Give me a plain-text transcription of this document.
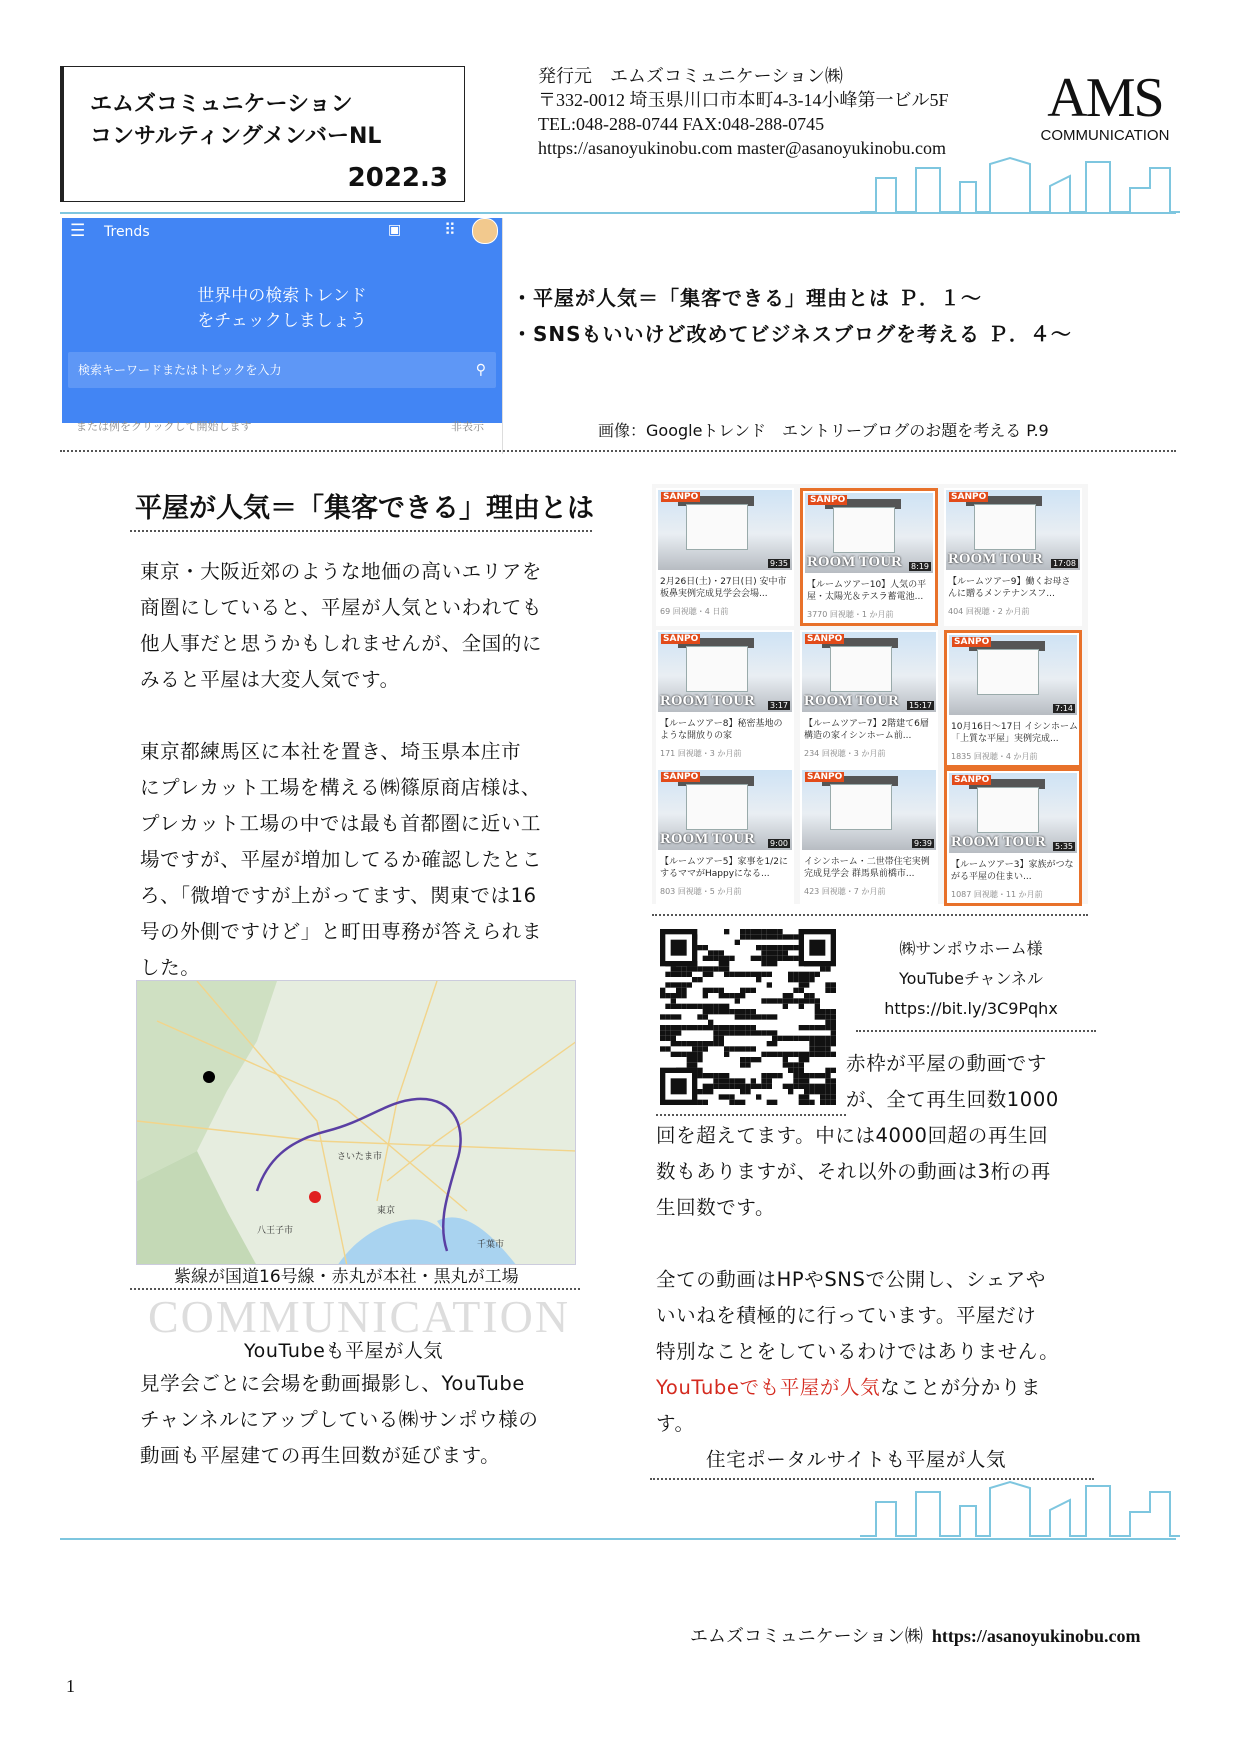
エムズコミュニケーション
コンサルティングメンバーNL
2022.3
発行元　エムズコミュニケーション㈱
〒332-0012 埼玉県川口市本町4-3-14小峰第一ビル5F
TEL:048-288-0744 FAX:048-288-0745
https://asanoyukinobu.com master@asanoyukinobu.com
AMS
COMMUNICATION
☰ Trends	▣	⠿
世界中の検索トレンド
をチェックしましょう
検索キーワードまたはトピックを入力	⚲
または例をクリックして開始します	非表示
・平屋が人気＝「集客できる」理由とは Ｐ．１～
・SNSもいいけど改めてビジネスブログを考える Ｐ．４～
画像：Googleトレンド　エントリーブログのお題を考える P.9
平屋が人気＝「集客できる」理由とは
東京・大阪近郊のような地価の高いエリアを
商圏にしていると、平屋が人気といわれても
他人事だと思うかもしれませんが、全国的に
みると平屋は大変人気です。
東京都練馬区に本社を置き、埼玉県本庄市
にプレカット工場を構える㈱篠原商店様は、
プレカット工場の中では最も首都圏に近い工
場ですが、平屋が増加してるか確認したとこ
ろ、「微増ですが上がってます、関東では16
号の外側ですけど」と町田専務が答えられま
した。
さいたま市
東京
千葉市
八王子市
紫線が国道16号線・赤丸が本社・黒丸が工場
COMMUNICATION
YouTubeも平屋が人気
見学会ごとに会場を動画撮影し、YouTube
チャンネルにアップしている㈱サンポウ様の
動画も平屋建ての再生回数が延びます。
SANPO
9:35
2月26日(土)・27日(日) 安中市板鼻実例完成見学会会場...
69 回視聴・4 日前
SANPO
ROOM TOUR 8:19
【ルームツアー10】人気の平屋・太陽光＆テスラ蓄電池...
3770 回視聴・1 か月前
SANPO
ROOM TOUR 17:08
【ルームツアー9】働くお母さんに贈るメンテナンスフ...
404 回視聴・2 か月前
SANPO
ROOM TOUR 3:17
【ルームツアー8】秘密基地のような開放りの家
171 回視聴・3 か月前
SANPO
ROOM TOUR 15:17
【ルームツアー7】2階建て6層構造の家イシンホーム前...
234 回視聴・3 か月前
SANPO
7:14
10月16日～17日 イシンホーム「上質な平屋」実例完成...
1835 回視聴・4 か月前
SANPO
ROOM TOUR 9:00
【ルームツアー5】家事を1/2にするママがHappyになる...
803 回視聴・5 か月前
SANPO
9:39
イシンホーム・二世帯住宅実例完成見学会 群馬県前橋市...
423 回視聴・7 か月前
SANPO
ROOM TOUR 5:35
【ルームツアー3】家族がつながる平屋の住まい...
1087 回視聴・11 か月前
㈱サンポウホーム様
YouTubeチャンネル
https://bit.ly/3C9Pqhx
赤枠が平屋の動画です
が、全て再生回数1000
回を超えてます。中には4000回超の再生回
数もありますが、それ以外の動画は3桁の再
生回数です。
全ての動画はHPやSNSで公開し、シェアや
いいねを積極的に行っています。平屋だけ
特別なことをしているわけではありません。
YouTubeでも平屋が人気なことが分かりま
す。
住宅ポータルサイトも平屋が人気
エムズコミュニケーション㈱ https://asanoyukinobu.com
1
